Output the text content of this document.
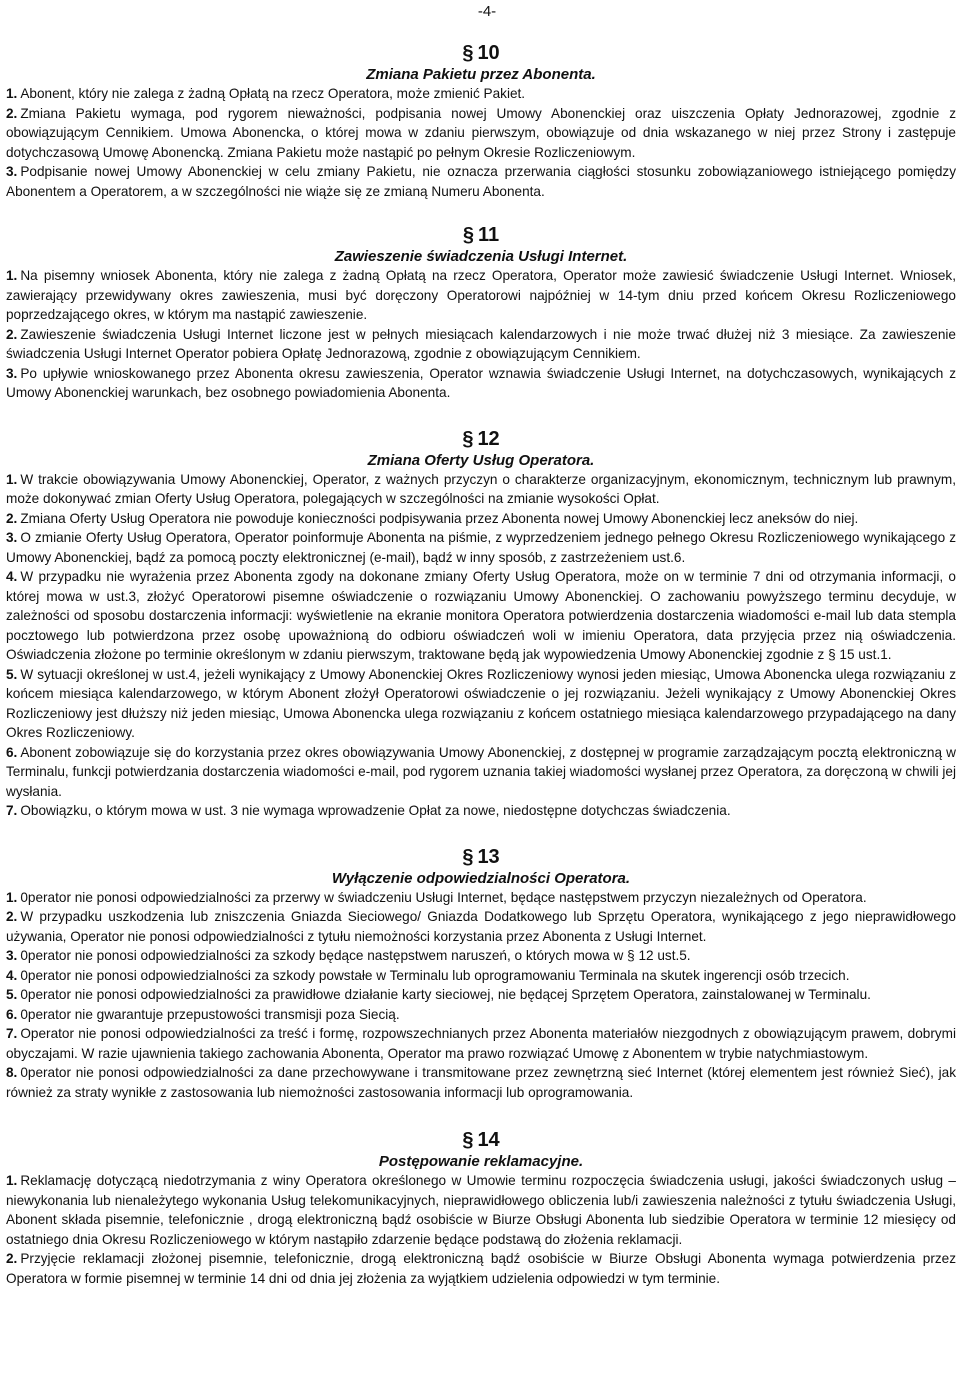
-4-
§ 10
Zmiana Pakietu przez Abonenta.

1. Abonent, który nie zalega z żadną Opłatą na rzecz Operatora, może zmienić Pakiet.

2. Zmiana Pakietu wymaga, pod rygorem nieważności, podpisania nowej Umowy Abonenckiej oraz uiszczenia Opłaty Jednorazowej, zgodnie z obowiązującym Cennikiem. Umowa Abonencka, o której mowa w zdaniu pierwszym, obowiązuje od dnia wskazanego w niej przez Strony i zastępuje dotychczasową Umowę Abonencką. Zmiana Pakietu może nastąpić po pełnym Okresie Rozliczeniowym.

3. Podpisanie nowej Umowy Abonenckiej w celu zmiany Pakietu, nie oznacza przerwania ciągłości stosunku zobowiązaniowego istniejącego pomiędzy Abonentem a Operatorem, a w szczególności nie wiąże się ze zmianą Numeru Abonenta.

§ 11
Zawieszenie świadczenia Usługi Internet.

1. Na pisemny wniosek Abonenta, który nie zalega z żadną Opłatą na rzecz Operatora, Operator może zawiesić świadczenie Usługi Internet. Wniosek, zawierający przewidywany okres zawieszenia, musi być doręczony Operatorowi najpóźniej w 14-tym dniu przed końcem Okresu Rozliczeniowego poprzedzającego okres, w którym ma nastąpić zawieszenie.

2. Zawieszenie świadczenia Usługi Internet liczone jest w pełnych miesiącach kalendarzowych i nie może trwać dłużej niż 3 miesiące. Za zawieszenie świadczenia Usługi Internet Operator pobiera Opłatę Jednorazową, zgodnie z obowiązującym Cennikiem.

3. Po upływie wnioskowanego przez Abonenta okresu zawieszenia, Operator wznawia świadczenie Usługi Internet, na dotychczasowych, wynikających z Umowy Abonenckiej warunkach, bez osobnego powiadomienia Abonenta.

§ 12
Zmiana Oferty Usług Operatora.

1. W trakcie obowiązywania Umowy Abonenckiej, Operator, z ważnych przyczyn o charakterze organizacyjnym, ekonomicznym, technicznym lub prawnym, może dokonywać zmian Oferty Usług Operatora, polegających w szczególności na zmianie wysokości Opłat.

2. Zmiana Oferty Usług Operatora nie powoduje konieczności podpisywania przez Abonenta nowej Umowy Abonenckiej lecz aneksów do niej.

3. O zmianie Oferty Usług Operatora, Operator poinformuje Abonenta na piśmie, z wyprzedzeniem jednego pełnego Okresu Rozliczeniowego wynikającego z Umowy Abonenckiej, bądź za pomocą poczty elektronicznej (e-mail), bądź w inny sposób, z zastrzeżeniem ust.6.

4. W przypadku nie wyrażenia przez Abonenta zgody na dokonane zmiany Oferty Usług Operatora, może on w terminie 7 dni od otrzymania informacji, o której mowa w ust.3, złożyć Operatorowi pisemne oświadczenie o rozwiązaniu Umowy Abonenckiej. O zachowaniu powyższego terminu decyduje, w zależności od sposobu dostarczenia informacji: wyświetlenie na ekranie monitora Operatora potwierdzenia dostarczenia wiadomości e-mail lub data stempla pocztowego lub potwierdzona przez osobę upoważnioną do odbioru oświadczeń woli w imieniu Operatora, data przyjęcia przez nią oświadczenia. Oświadczenia złożone po terminie określonym w zdaniu pierwszym, traktowane będą jak wypowiedzenia Umowy Abonenckiej zgodnie z § 15 ust.1.

5. W sytuacji określonej w ust.4, jeżeli wynikający z Umowy Abonenckiej Okres Rozliczeniowy wynosi jeden miesiąc, Umowa Abonencka ulega rozwiązaniu z końcem miesiąca kalendarzowego, w którym Abonent złożył Operatorowi oświadczenie o jej rozwiązaniu. Jeżeli wynikający z Umowy Abonenckiej Okres Rozliczeniowy jest dłuższy niż jeden miesiąc, Umowa Abonencka ulega rozwiązaniu z końcem ostatniego miesiąca kalendarzowego przypadającego na dany Okres Rozliczeniowy.

6. Abonent zobowiązuje się do korzystania przez okres obowiązywania Umowy Abonenckiej, z dostępnej w programie zarządzającym pocztą elektroniczną w Terminalu, funkcji potwierdzania dostarczenia wiadomości e-mail, pod rygorem uznania takiej wiadomości wysłanej przez Operatora, za doręczoną w chwili jej wysłania.

7. Obowiązku, o którym mowa w ust. 3 nie wymaga wprowadzenie Opłat za nowe, niedostępne dotychczas świadczenia.

§ 13
Wyłączenie odpowiedzialności Operatora.

1. 0perator nie ponosi odpowiedzialności za przerwy w świadczeniu Usługi Internet, będące następstwem przyczyn niezależnych od Operatora.

2. W przypadku uszkodzenia lub zniszczenia Gniazda Sieciowego/ Gniazda Dodatkowego lub Sprzętu Operatora, wynikającego z jego nieprawidłowego używania, Operator nie ponosi odpowiedzialności z tytułu niemożności korzystania przez Abonenta z Usługi Internet.

3. 0perator nie ponosi odpowiedzialności za szkody będące następstwem naruszeń, o których mowa w § 12 ust.5.

4. 0perator nie ponosi odpowiedzialności za szkody powstałe w Terminalu lub oprogramowaniu Terminala na skutek ingerencji osób trzecich.

5. 0perator nie ponosi odpowiedzialności za prawidłowe działanie karty sieciowej, nie będącej Sprzętem Operatora, zainstalowanej w Terminalu.

6. 0perator nie gwarantuje przepustowości transmisji poza Siecią.

7. Operator nie ponosi odpowiedzialności za treść i formę, rozpowszechnianych przez Abonenta materiałów niezgodnych z obowiązującym prawem, dobrymi obyczajami. W razie ujawnienia takiego zachowania Abonenta, Operator ma prawo rozwiązać Umowę z Abonentem w trybie natychmiastowym.

8. 0perator nie ponosi odpowiedzialności za dane przechowywane i transmitowane przez zewnętrzną sieć Internet (której elementem jest również Sieć), jak również za straty wynikłe z zastosowania lub niemożności zastosowania informacji lub oprogramowania.

§ 14
Postępowanie reklamacyjne.

1. Reklamację dotyczącą niedotrzymania z winy Operatora określonego w Umowie terminu rozpoczęcia świadczenia usługi, jakości świadczonych usług – niewykonania lub nienależytego wykonania Usług telekomunikacyjnych, nieprawidłowego obliczenia lub/i zawieszenia należności z tytułu świadczenia Usługi, Abonent składa pisemnie, telefonicznie , drogą elektroniczną bądź osobiście w Biurze Obsługi Abonenta lub siedzibie Operatora w terminie 12 miesięcy od ostatniego dnia Okresu Rozliczeniowego w którym nastąpiło zdarzenie będące podstawą do złożenia reklamacji.

2. Przyjęcie reklamacji złożonej pisemnie, telefonicznie, drogą elektroniczną bądź osobiście w Biurze Obsługi Abonenta wymaga potwierdzenia przez Operatora w formie pisemnej w terminie 14 dni od dnia jej złożenia za wyjątkiem udzielenia odpowiedzi w tym terminie.
